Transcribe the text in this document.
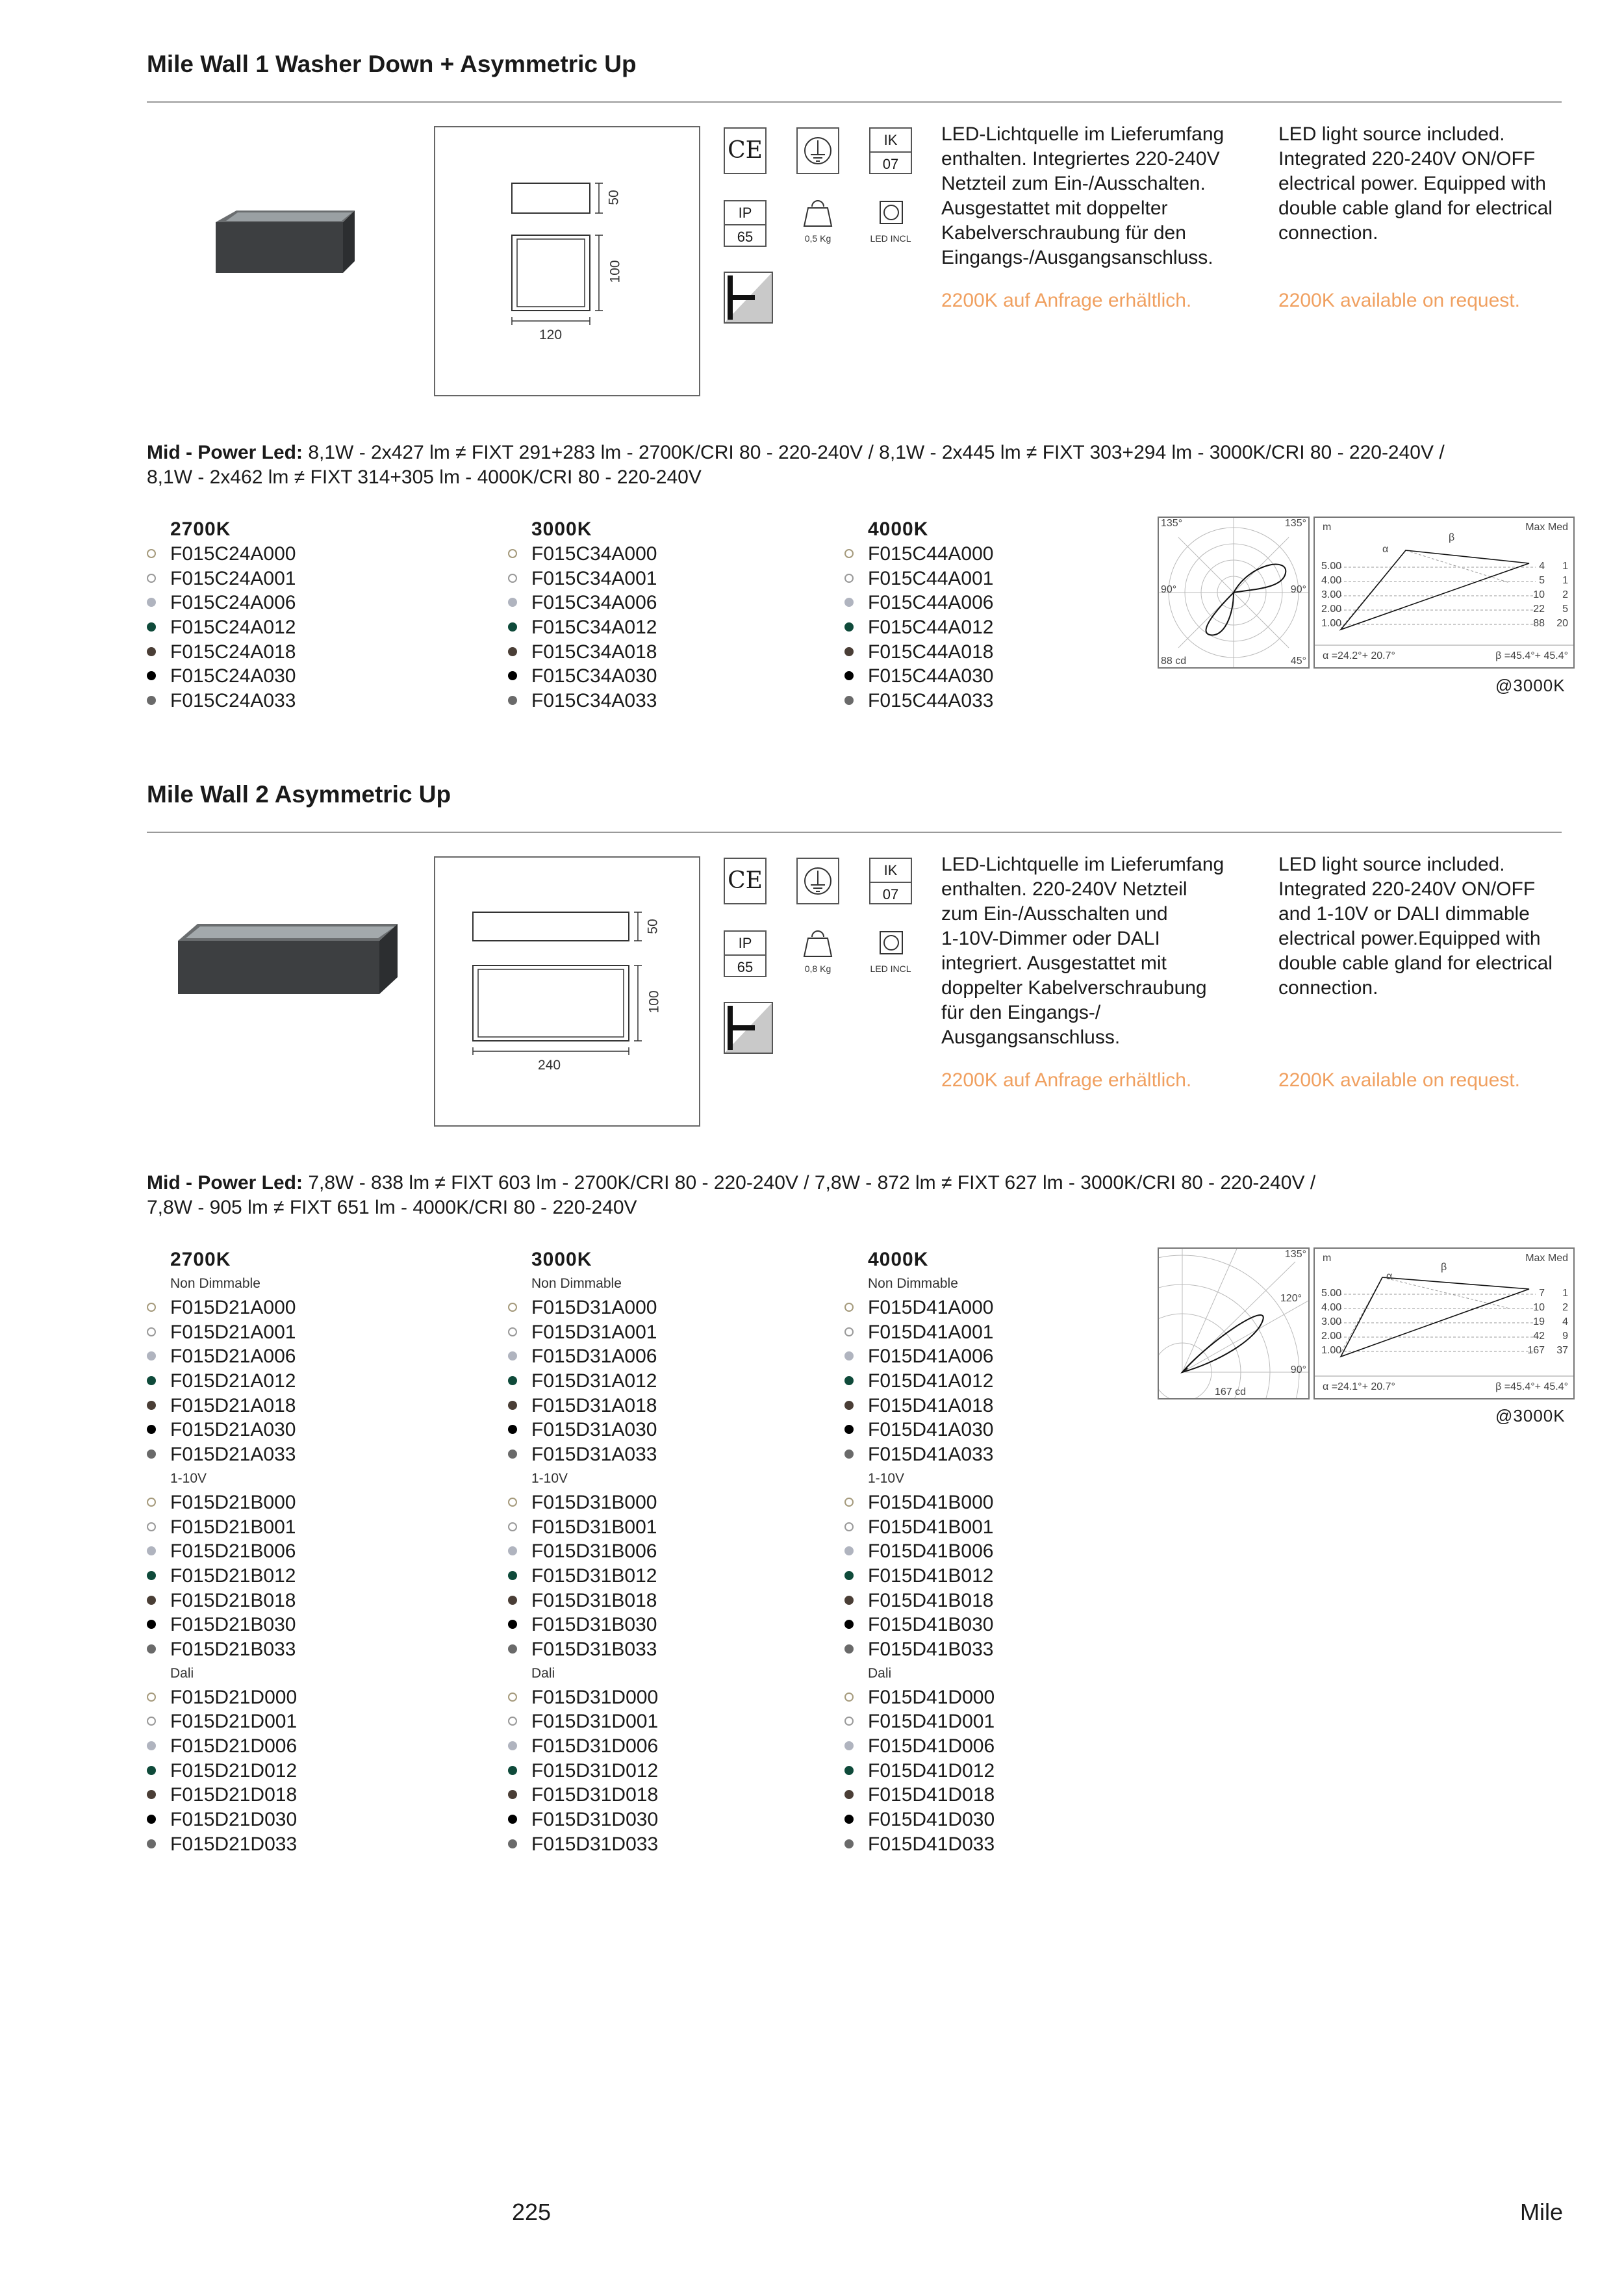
Mile Wall 1 Washer Down + Asymmetric Up
50
100
120
CE	IK
07
IP
65	0,5 Kg	LED INCL
LED-Lichtquelle im Lieferumfang
enthalten. Integriertes 220-240V
Netzteil zum Ein-/Ausschalten.
Ausgestattet mit doppelter
Kabelverschraubung für den
Eingangs-/Ausgangsanschluss.
LED light source included.
Integrated 220-240V ON/OFF
electrical power. Equipped with
double cable gland for electrical
connection.
2200K auf Anfrage erhältlich.	2200K available on request.
Mid - Power Led: 8,1W - 2x427 lm ≠ FIXT 291+283 lm - 2700K/CRI 80 - 220-240V / 8,1W - 2x445 lm ≠ FIXT 303+294 lm - 3000K/CRI 80 - 220-240V /
8,1W - 2x462 lm ≠ FIXT 314+305 lm - 4000K/CRI 80 - 220-240V
2700K
F015C24A000
F015C24A001
F015C24A006
F015C24A012
F015C24A018
F015C24A030
F015C24A033
3000K
F015C34A000
F015C34A001
F015C34A006
F015C34A012
F015C34A018
F015C34A030
F015C34A033
4000K
F015C44A000
F015C44A001
F015C44A006
F015C44A012
F015C44A018
F015C44A030
F015C44A033
135°	135°
90°	90°
88 cd	45°
m	Max Med
β
α
5.00	4 1
4.00	5 1
3.00	10 2
2.00	22 5
1.00	88 20
α =24.2°+ 20.7°	β =45.4°+ 45.4°
@3000K
Mile Wall 2 Asymmetric Up
50
100
240
CE	IK
07
IP
65	0,8 Kg	LED INCL
LED-Lichtquelle im Lieferumfang
enthalten. 220-240V Netzteil
zum Ein-/Ausschalten und
1-10V-Dimmer oder DALI
integriert. Ausgestattet mit
doppelter Kabelverschraubung
für den Eingangs-/
Ausgangsanschluss.
LED light source included.
Integrated 220-240V ON/OFF
and 1-10V or DALI dimmable
electrical power.Equipped with
double cable gland for electrical
connection.
2200K auf Anfrage erhältlich.	2200K available on request.
Mid - Power Led: 7,8W - 838 lm ≠ FIXT 603 lm - 2700K/CRI 80 - 220-240V / 7,8W - 872 lm ≠ FIXT 627 lm - 3000K/CRI 80 - 220-240V /
7,8W - 905 lm ≠ FIXT 651 lm - 4000K/CRI 80 - 220-240V
2700K
Non Dimmable
F015D21A000
F015D21A001
F015D21A006
F015D21A012
F015D21A018
F015D21A030
F015D21A033
1-10V
F015D21B000
F015D21B001
F015D21B006
F015D21B012
F015D21B018
F015D21B030
F015D21B033
Dali
F015D21D000
F015D21D001
F015D21D006
F015D21D012
F015D21D018
F015D21D030
F015D21D033
3000K
Non Dimmable
F015D31A000
F015D31A001
F015D31A006
F015D31A012
F015D31A018
F015D31A030
F015D31A033
1-10V
F015D31B000
F015D31B001
F015D31B006
F015D31B012
F015D31B018
F015D31B030
F015D31B033
Dali
F015D31D000
F015D31D001
F015D31D006
F015D31D012
F015D31D018
F015D31D030
F015D31D033
4000K
Non Dimmable
F015D41A000
F015D41A001
F015D41A006
F015D41A012
F015D41A018
F015D41A030
F015D41A033
1-10V
F015D41B000
F015D41B001
F015D41B006
F015D41B012
F015D41B018
F015D41B030
F015D41B033
Dali
F015D41D000
F015D41D001
F015D41D006
F015D41D012
F015D41D018
F015D41D030
F015D41D033
135°
120°
90°
167 cd
m	Max Med
β
α
5.00	7 1
4.00	10 2
3.00	19 4
2.00	42 9
1.00	167 37
α =24.1°+ 20.7°	β =45.4°+ 45.4°
@3000K
225	Mile
